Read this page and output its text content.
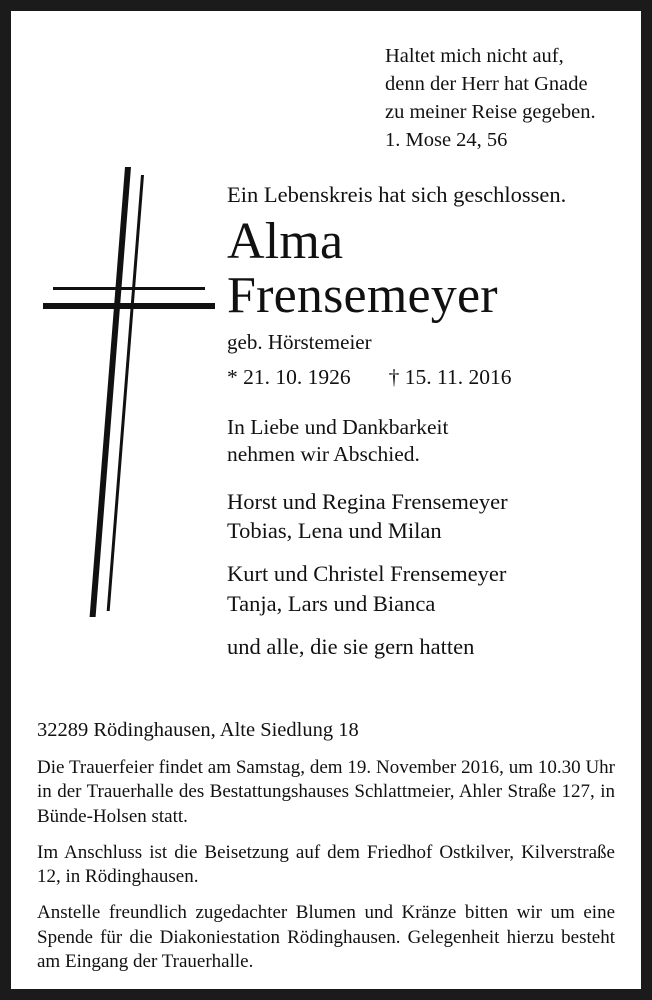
Haltet mich nicht auf,
denn der Herr hat Gnade
zu meiner Reise gegeben.
1. Mose 24, 56
Ein Lebenskreis hat sich geschlossen.
Alma
Frensemeyer
geb. Hörstemeier
* 21. 10. 1926 † 15. 11. 2016
In Liebe und Dankbarkeit
nehmen wir Abschied.
Horst und Regina Frensemeyer
Tobias, Lena und Milan
Kurt und Christel Frensemeyer
Tanja, Lars und Bianca
und alle, die sie gern hatten
32289 Rödinghausen, Alte Siedlung 18
Die Trauerfeier findet am Samstag, dem 19. November 2016, um 10.30 Uhr in der Trauerhalle des Bestattungshauses Schlattmeier, Ahler Straße 127, in Bünde-Holsen statt.
Im Anschluss ist die Beisetzung auf dem Friedhof Ostkilver, Kilverstraße 12, in Rödinghausen.
Anstelle freundlich zugedachter Blumen und Kränze bitten wir um eine Spende für die Diakoniestation Rödinghausen. Gelegenheit hierzu besteht am Eingang der Trauerhalle.
